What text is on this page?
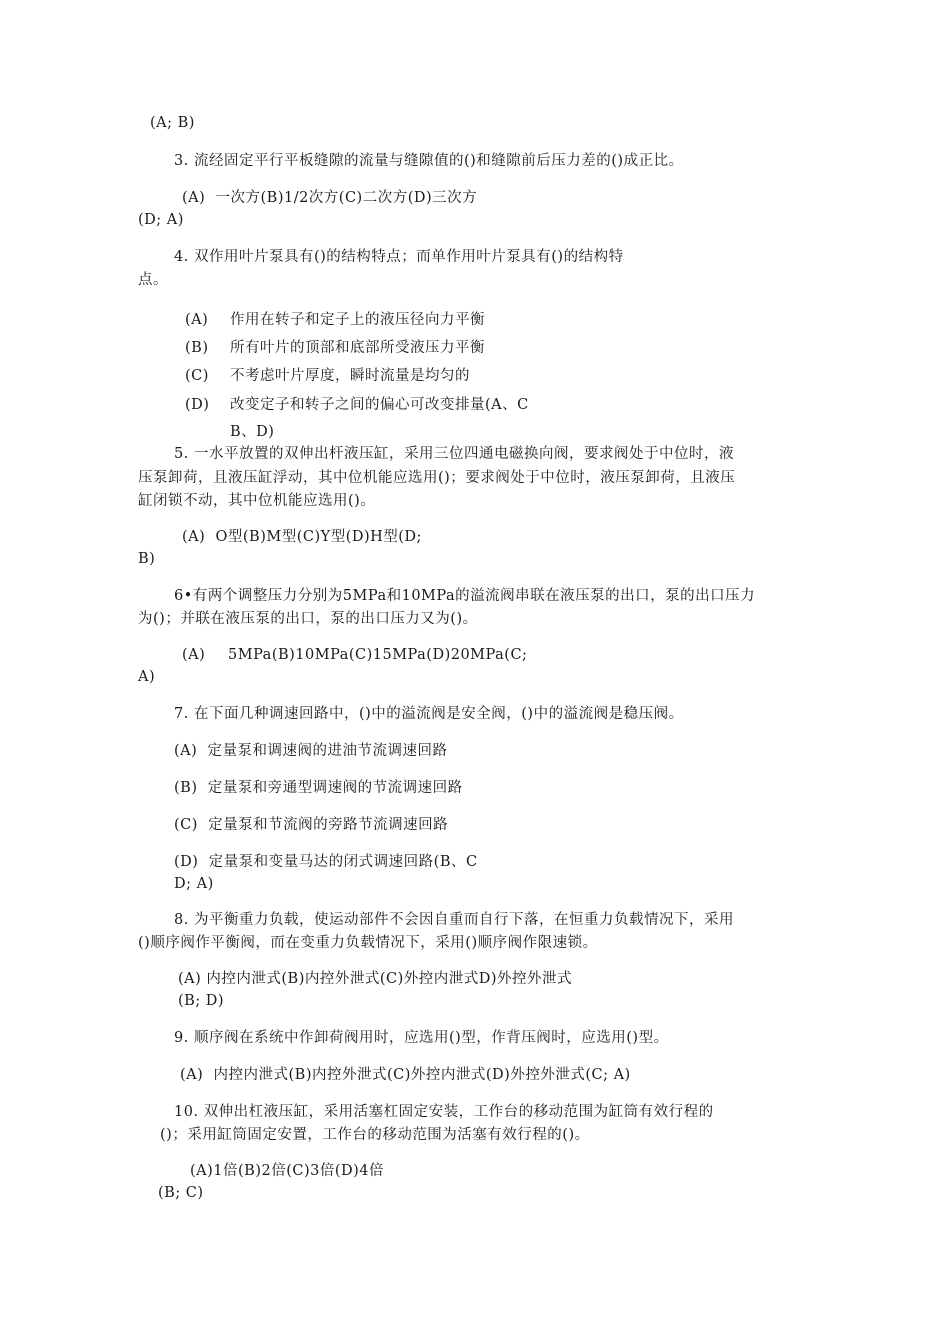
(A; B)
3. 流经固定平行平板缝隙的流量与缝隙值的()和缝隙前后压力差的()成正比。
(A)  一次方(B)1/2次方(C)二次方(D)三次方
(D; A)
4. 双作用叶片泵具有()的结构特点；而单作用叶片泵具有()的结构特
点。
(A) 作用在转子和定子上的液压径向力平衡
(B) 所有叶片的顶部和底部所受液压力平衡
(C) 不考虑叶片厚度，瞬时流量是均匀的
(D) 改变定子和转子之间的偏心可改变排量(A、C
B、D)
5. 一水平放置的双伸出杆液压缸，采用三位四通电磁换向阀，要求阀处于中位时，液
压泵卸荷，且液压缸浮动，其中位机能应选用()；要求阀处于中位时，液压泵卸荷，且液压
缸闭锁不动，其中位机能应选用()。
(A)  O型(B)M型(C)Y型(D)H型(D;
B)
6•有两个调整压力分别为5MPa和10MPa的溢流阀串联在液压泵的出口，泵的出口压力
为()；并联在液压泵的出口，泵的出口压力又为()。
(A) 5MPa(B)10MPa(C)15MPa(D)20MPa(C;
A)
7. 在下面几种调速回路中，()中的溢流阀是安全阀，()中的溢流阀是稳压阀。
(A)  定量泵和调速阀的进油节流调速回路
(B)  定量泵和旁通型调速阀的节流调速回路
(C)  定量泵和节流阀的旁路节流调速回路
(D)  定量泵和变量马达的闭式调速回路(B、C
D; A)
8. 为平衡重力负载，使运动部件不会因自重而自行下落，在恒重力负载情况下，采用
()顺序阀作平衡阀，而在变重力负载情况下，采用()顺序阀作限速锁。
(A) 内控内泄式(B)内控外泄式(C)外控内泄式D)外控外泄式
(B; D)
9. 顺序阀在系统中作卸荷阀用时，应选用()型，作背压阀时，应选用()型。
(A)  内控内泄式(B)内控外泄式(C)外控内泄式(D)外控外泄式(C; A)
10. 双伸出杠液压缸，采用活塞杠固定安装，工作台的移动范围为缸筒有效行程的
()；采用缸筒固定安置，工作台的移动范围为活塞有效行程的()。
(A)1倍(B)2倍(C)3倍(D)4倍
(B; C)
